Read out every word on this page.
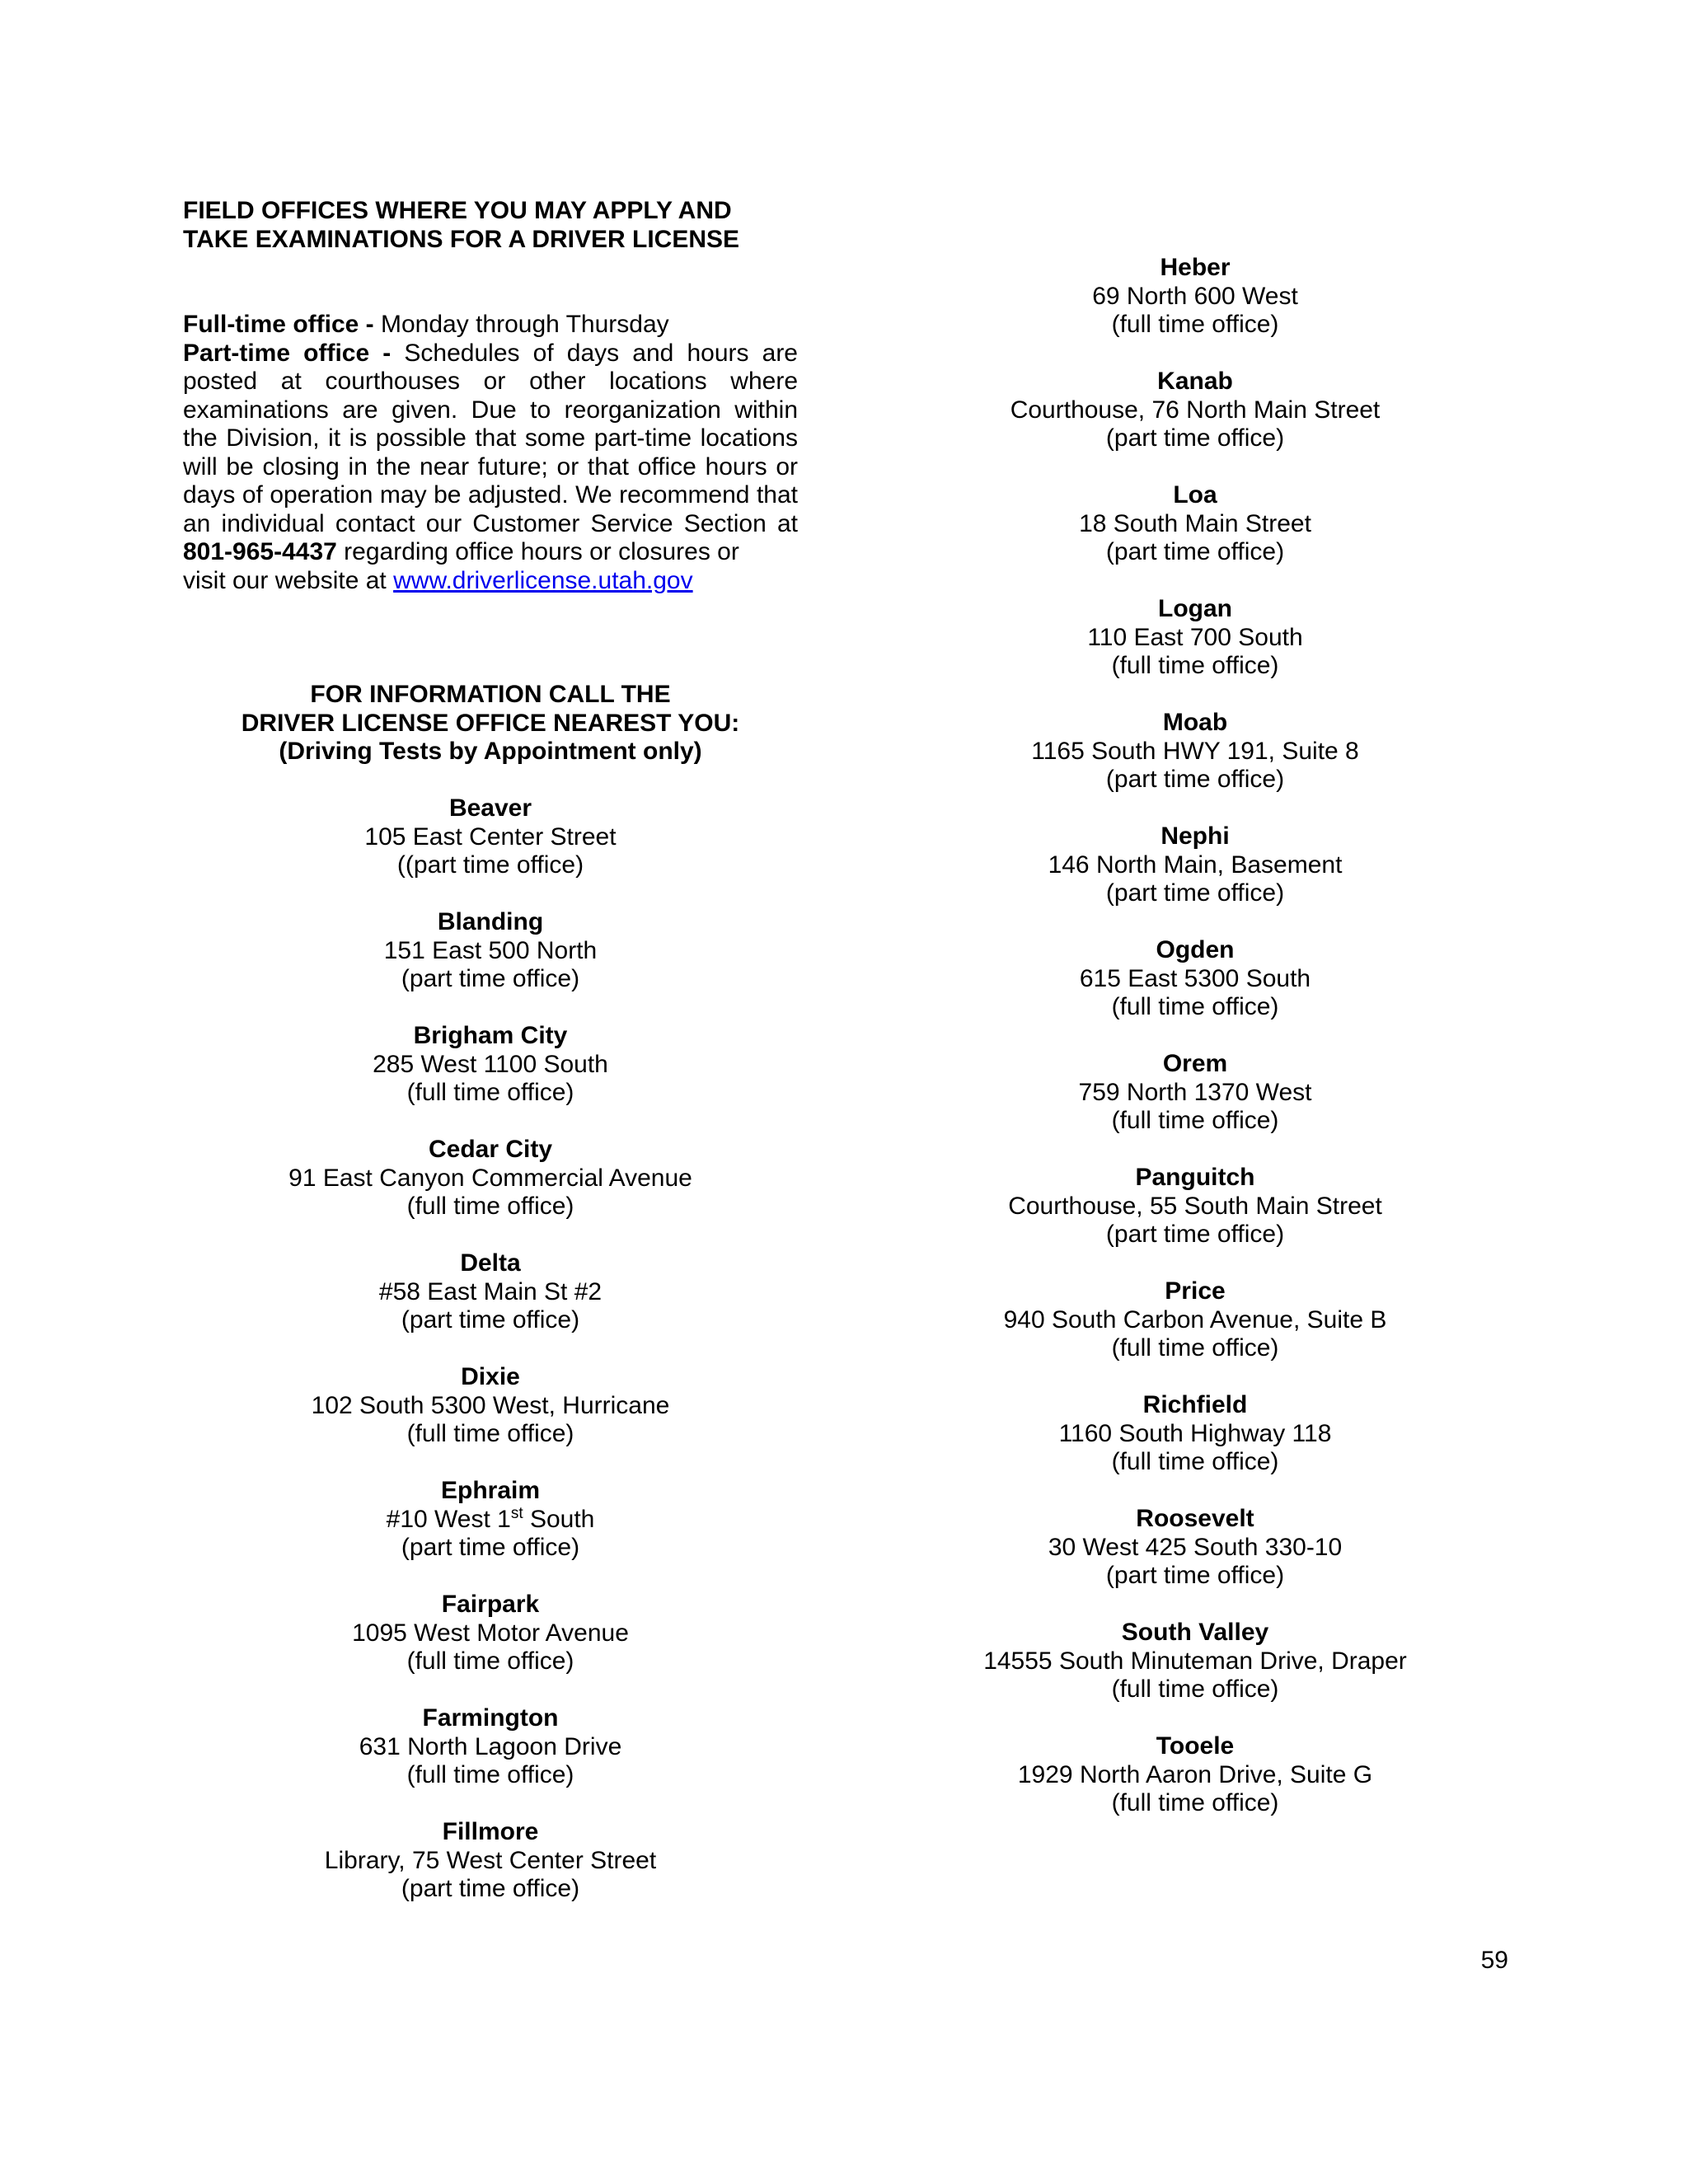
FIELD OFFICES WHERE YOU MAY APPLY AND
TAKE EXAMINATIONS FOR A DRIVER LICENSE

Full-time office - Monday through Thursday

Part-time office - Schedules of days and hours are posted at courthouses or other locations where examinations are given. Due to reorganization within the Division, it is possible that some part-time locations will be closing in the near future; or that office hours or days of operation may be adjusted. We recommend that an individual contact our Customer Service Section at 801-965-4437 regarding office hours or closures or

visit our website at www.driverlicense.utah.gov

FOR INFORMATION CALL THE
DRIVER LICENSE OFFICE NEAREST YOU:
(Driving Tests by Appointment only)
Beaver
105 East Center Street
((part time office)
Blanding
151 East 500 North
(part time office)
Brigham City
285 West 1100 South
(full time office)
Cedar City
91 East Canyon Commercial Avenue
(full time office)
Delta
#58 East Main St #2
(part time office)
Dixie
102 South 5300 West, Hurricane
(full time office)
Ephraim
#10 West 1st South
(part time office)
Fairpark
1095 West Motor Avenue
(full time office)
Farmington
631 North Lagoon Drive
(full time office)
Fillmore
Library, 75 West Center Street
(part time office)
Heber
69 North 600 West
(full time office)
Kanab
Courthouse, 76 North Main Street
(part time office)
Loa
18 South Main Street
(part time office)
Logan
110 East 700 South
(full time office)
Moab
1165 South HWY 191, Suite 8
(part time office)
Nephi
146 North Main, Basement
(part time office)
Ogden
615 East 5300 South
(full time office)
Orem
759 North 1370 West
(full time office)
Panguitch
Courthouse, 55 South Main Street
(part time office)
Price
940 South Carbon Avenue, Suite B
(full time office)
Richfield
1160 South Highway 118
(full time office)
Roosevelt
30 West 425 South 330-10
(part time office)
South Valley
14555 South Minuteman Drive, Draper
(full time office)
Tooele
1929 North Aaron Drive, Suite G
(full time office)
59
